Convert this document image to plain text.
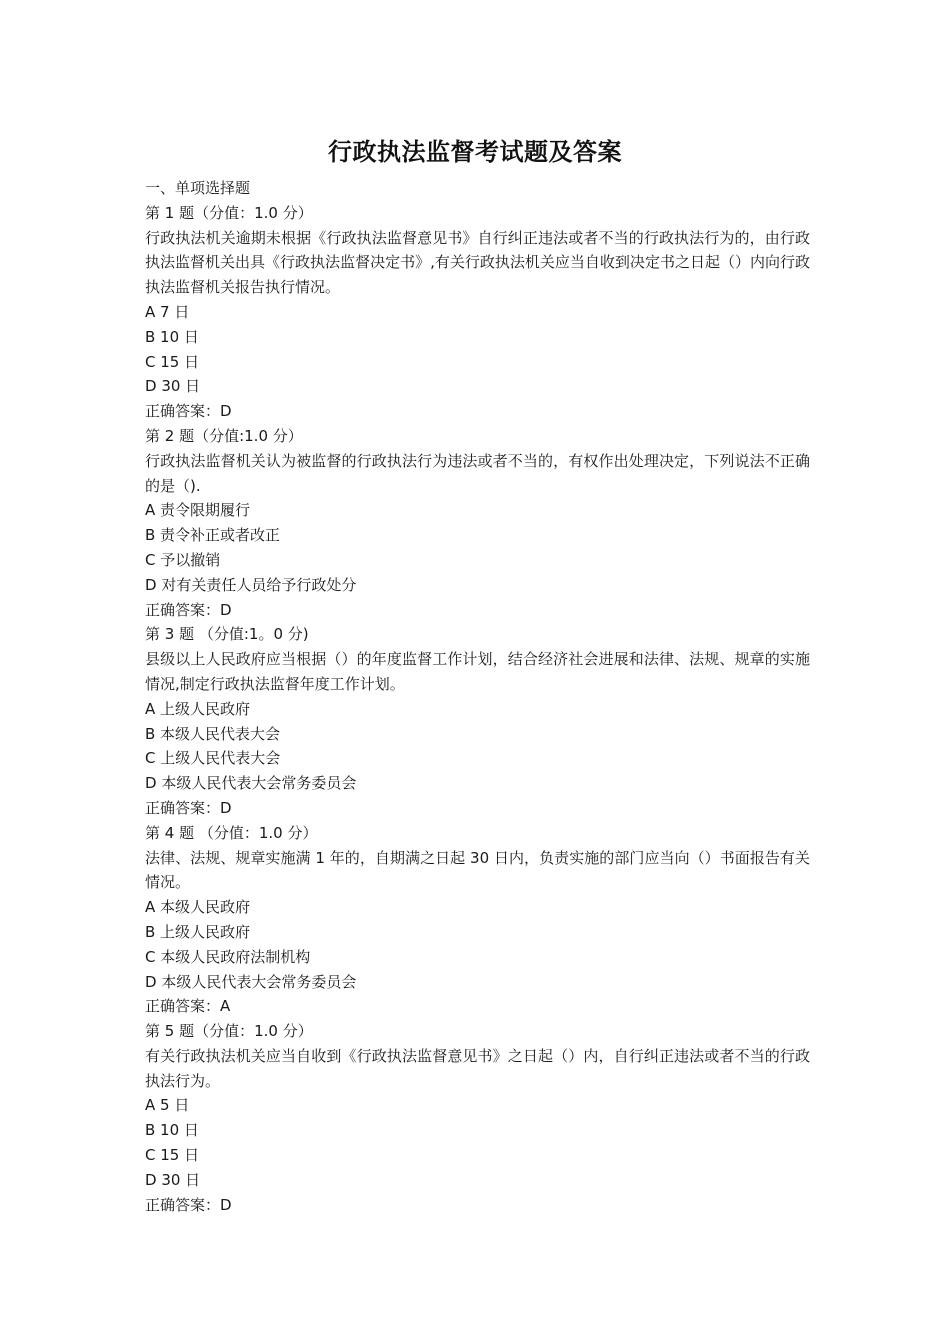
行政执法监督考试题及答案
一、单项选择题
第 1 题（分值：1.0 分）
行政执法机关逾期未根据《行政执法监督意见书》自行纠正违法或者不当的行政执法行为的，由行政执法监督机关出具《行政执法监督决定书》,有关行政执法机关应当自收到决定书之日起（）内向行政执法监督机关报告执行情况。
A 7 日
B 10 日
C 15 日
D 30 日
正确答案：D
第 2 题（分值:1.0 分）
行政执法监督机关认为被监督的行政执法行为违法或者不当的，有权作出处理决定，下列说法不正确的是（).
A 责令限期履行
B 责令补正或者改正
C 予以撤销
D 对有关责任人员给予行政处分
正确答案：D
第 3 题 （分值:1。0 分)
县级以上人民政府应当根据（）的年度监督工作计划，结合经济社会进展和法律、法规、规章的实施情况,制定行政执法监督年度工作计划。
A 上级人民政府
B 本级人民代表大会
C 上级人民代表大会
D 本级人民代表大会常务委员会
正确答案：D
第 4 题 （分值：1.0 分）
法律、法规、规章实施满 1 年的，自期满之日起 30 日内，负责实施的部门应当向（）书面报告有关情况。
A 本级人民政府
B 上级人民政府
C 本级人民政府法制机构
D 本级人民代表大会常务委员会
正确答案：A
第 5 题（分值：1.0 分）
有关行政执法机关应当自收到《行政执法监督意见书》之日起（）内，自行纠正违法或者不当的行政执法行为。
A 5 日
B 10 日
C 15 日
D 30 日
正确答案：D
